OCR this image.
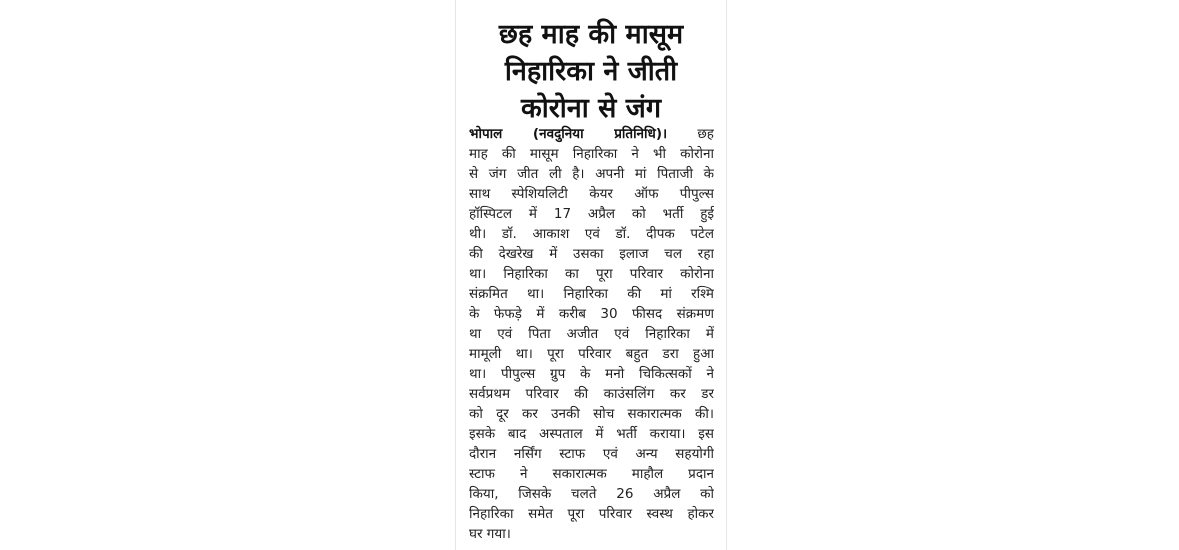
छह माह की मासूम
निहारिका ने जीती
कोरोना से जंग
भोपाल (नवदुनिया प्रतिनिधि)। छह
माह की मासूम निहारिका ने भी कोरोना
से जंग जीत ली है। अपनी मां पिताजी के
साथ स्पेशियलिटी केयर ऑफ पीपुल्स
हॉस्पिटल में 17 अप्रैल को भर्ती हुई
थी। डॉ. आकाश एवं डॉ. दीपक पटेल
की देखरेख में उसका इलाज चल रहा
था। निहारिका का पूरा परिवार कोरोना
संक्रमित था। निहारिका की मां रश्मि
के फेफड़े में करीब 30 फीसद संक्रमण
था एवं पिता अजीत एवं निहारिका में
मामूली था। पूरा परिवार बहुत डरा हुआ
था। पीपुल्स ग्रुप के मनो चिकित्सकों ने
सर्वप्रथम परिवार की काउंसलिंग कर डर
को दूर कर उनकी सोच सकारात्मक की।
इसके बाद अस्पताल में भर्ती कराया। इस
दौरान नर्सिंग स्टाफ एवं अन्य सहयोगी
स्टाफ ने सकारात्मक माहौल प्रदान
किया, जिसके चलते 26 अप्रैल को
निहारिका समेत पूरा परिवार स्वस्थ होकर
घर गया।
